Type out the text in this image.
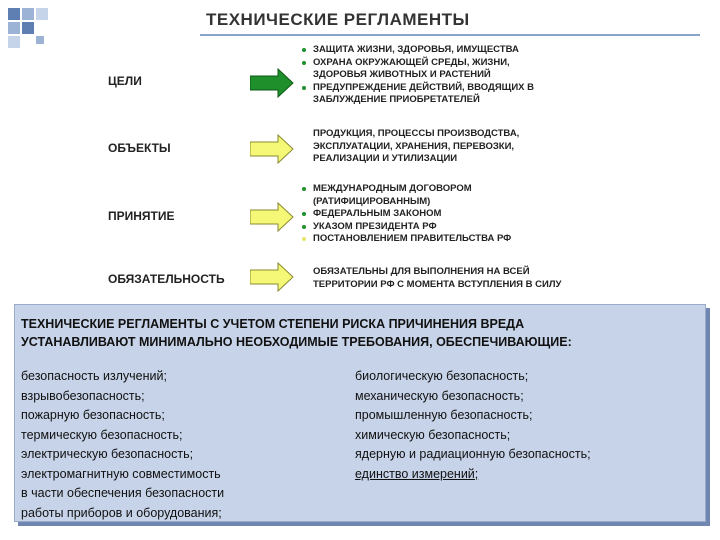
ТЕХНИЧЕСКИЕ РЕГЛАМЕНТЫ
ЦЕЛИ
ЗАЩИТА ЖИЗНИ, ЗДОРОВЬЯ, ИМУЩЕСТВА
ОХРАНА ОКРУЖАЮЩЕЙ СРЕДЫ, ЖИЗНИ,
ЗДОРОВЬЯ ЖИВОТНЫХ И РАСТЕНИЙ
ПРЕДУПРЕЖДЕНИЕ ДЕЙСТВИЙ, ВВОДЯЩИХ В
ЗАБЛУЖДЕНИЕ ПРИОБРЕТАТЕЛЕЙ
ОБЪЕКТЫ
ПРОДУКЦИЯ, ПРОЦЕССЫ ПРОИЗВОДСТВА,
ЭКСПЛУАТАЦИИ, ХРАНЕНИЯ, ПЕРЕВОЗКИ,
РЕАЛИЗАЦИИ И УТИЛИЗАЦИИ
ПРИНЯТИЕ
МЕЖДУНАРОДНЫМ ДОГОВОРОМ
(РАТИФИЦИРОВАННЫМ)
ФЕДЕРАЛЬНЫМ ЗАКОНОМ
УКАЗОМ ПРЕЗИДЕНТА РФ
ПОСТАНОВЛЕНИЕМ ПРАВИТЕЛЬСТВА РФ
ОБЯЗАТЕЛЬНОСТЬ
ОБЯЗАТЕЛЬНЫ ДЛЯ ВЫПОЛНЕНИЯ НА ВСЕЙ
ТЕРРИТОРИИ РФ С МОМЕНТА ВСТУПЛЕНИЯ В СИЛУ
ТЕХНИЧЕСКИЕ РЕГЛАМЕНТЫ С УЧЕТОМ СТЕПЕНИ РИСКА ПРИЧИНЕНИЯ ВРЕДА
УСТАНАВЛИВАЮТ МИНИМАЛЬНО НЕОБХОДИМЫЕ ТРЕБОВАНИЯ, ОБЕСПЕЧИВАЮЩИЕ:
безопасность излучений;
взрывобезопасность;
пожарную безопасность;
термическую безопасность;
электрическую безопасность;
электромагнитную совместимость
в части обеспечения безопасности
работы приборов и оборудования;
биологическую безопасность;
механическую безопасность;
промышленную безопасность;
химическую безопасность;
ядерную и радиационную безопасность;
единство измерений;
